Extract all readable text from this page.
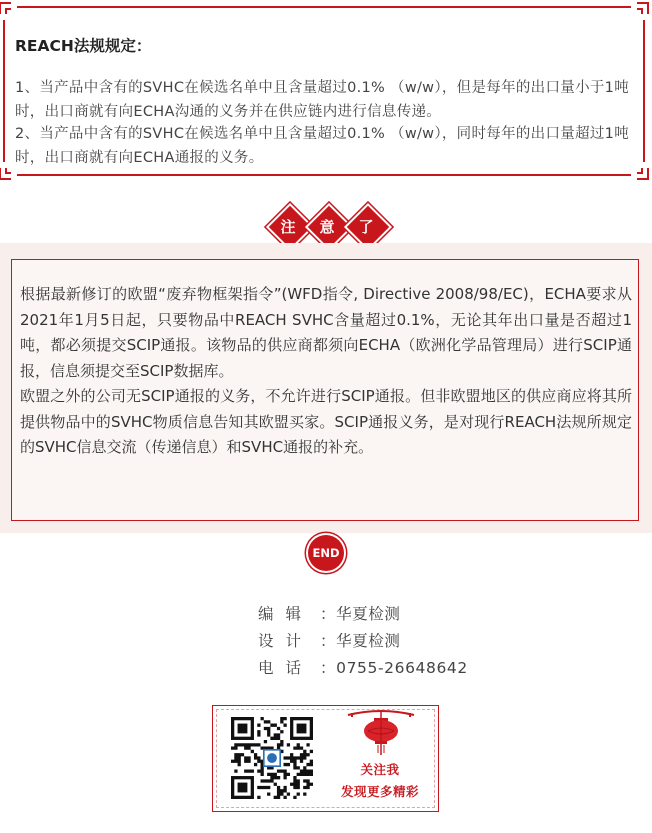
REACH法规规定：
1、当产品中含有的SVHC在候选名单中且含量超过0.1% （w/w），但是每年的出口量小于1吨时，出口商就有向ECHA沟通的义务并在供应链内进行信息传递。
2、当产品中含有的SVHC在候选名单中且含量超过0.1% （w/w），同时每年的出口量超过1吨时，出口商就有向ECHA通报的义务。
注	意	了
根据最新修订的欧盟“废弃物框架指令”(WFD指令, Directive 2008/98/EC)，ECHA要求从2021年1月5日起，只要物品中REACH SVHC含量超过0.1%，无论其年出口量是否超过1吨，都必须提交SCIP通报。该物品的供应商都须向ECHA（欧洲化学品管理局）进行SCIP通报，信息须提交至SCIP数据库。
欧盟之外的公司无SCIP通报的义务，不允许进行SCIP通报。但非欧盟地区的供应商应将其所提供物品中的SVHC物质信息告知其欧盟买家。SCIP通报义务，是对现行REACH法规所规定的SVHC信息交流（传递信息）和SVHC通报的补充。
END
编辑 ：华夏检测
设计 ：华夏检测
电话 ：0755-26648642
关注我
发现更多精彩
